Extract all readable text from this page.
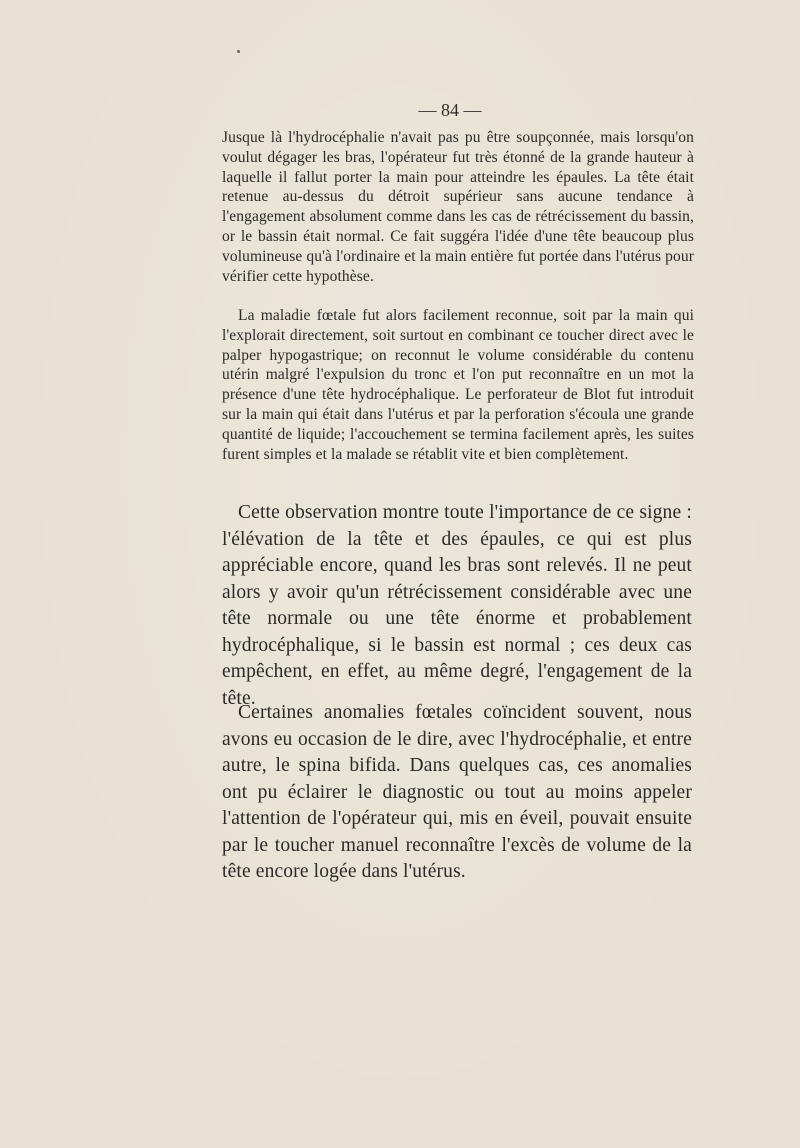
— 84 —

Jusque là l'hydrocéphalie n'avait pas pu être soupçonnée, mais lorsqu'on voulut dégager les bras, l'opérateur fut très étonné de la grande hauteur à laquelle il fallut porter la main pour atteindre les épaules. La tête était retenue au-dessus du détroit supérieur sans aucune tendance à l'engagement absolument comme dans les cas de rétrécissement du bassin, or le bassin était normal. Ce fait suggéra l'idée d'une tête beaucoup plus volumineuse qu'à l'ordinaire et la main entière fut portée dans l'utérus pour vérifier cette hypothèse.

La maladie fœtale fut alors facilement reconnue, soit par la main qui l'explorait directement, soit surtout en combinant ce toucher direct avec le palper hypogastrique; on reconnut le volume considérable du contenu utérin malgré l'expulsion du tronc et l'on put reconnaître en un mot la présence d'une tête hydrocéphalique. Le perforateur de Blot fut introduit sur la main qui était dans l'utérus et par la perforation s'écoula une grande quantité de liquide; l'accouchement se termina facilement après, les suites furent simples et la malade se rétablit vite et bien complètement.

Cette observation montre toute l'importance de ce signe : l'élévation de la tête et des épaules, ce qui est plus appréciable encore, quand les bras sont relevés. Il ne peut alors y avoir qu'un rétrécissement considérable avec une tête normale ou une tête énorme et probablement hydrocéphalique, si le bassin est normal ; ces deux cas empêchent, en effet, au même degré, l'engagement de la tête.

Certaines anomalies fœtales coïncident souvent, nous avons eu occasion de le dire, avec l'hydrocéphalie, et entre autre, le spina bifida. Dans quelques cas, ces anomalies ont pu éclairer le diagnostic ou tout au moins appeler l'attention de l'opérateur qui, mis en éveil, pouvait ensuite par le toucher manuel reconnaître l'excès de volume de la tête encore logée dans l'utérus.
